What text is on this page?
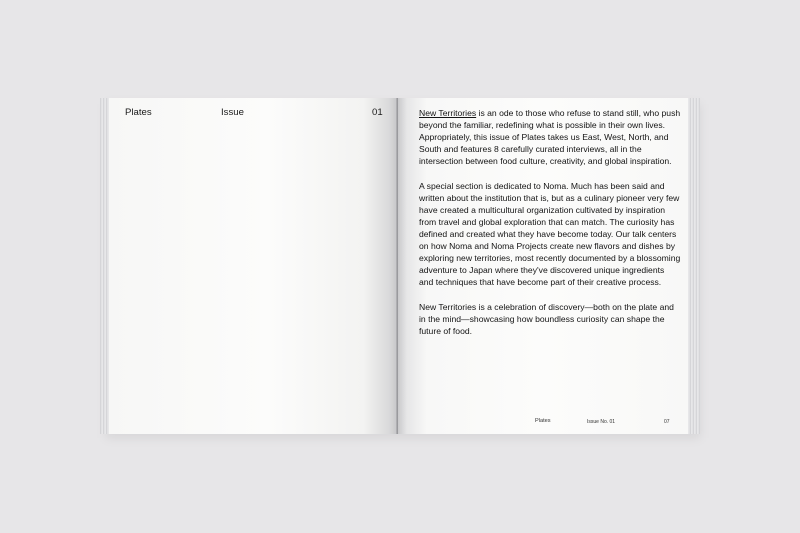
Plates	Issue	01	New Territories is an ode to those who refuse to stand still, who push beyond the familiar, redefining what is possible in their own lives. Appropriately, this issue of Plates takes us East, West, North, and South and features 8 carefully curated interviews, all in the intersection between food culture, creativity, and global inspiration.

A special section is dedicated to Noma. Much has been said and written about the institution that is, but as a culinary pioneer very few have created a multicultural organization cultivated by inspiration from travel and global exploration that can match. The curiosity has defined and created what they have become today. Our talk centers on how Noma and Noma Projects create new flavors and dishes by exploring new territories, most recently documented by a blossoming adventure to Japan where they've discovered unique ingredients and techniques that have become part of their creative process.

New Territories is a celebration of discovery—both on the plate and in the mind—showcasing how boundless curiosity can shape the future of food.

Plates	Issue No. 01	07
